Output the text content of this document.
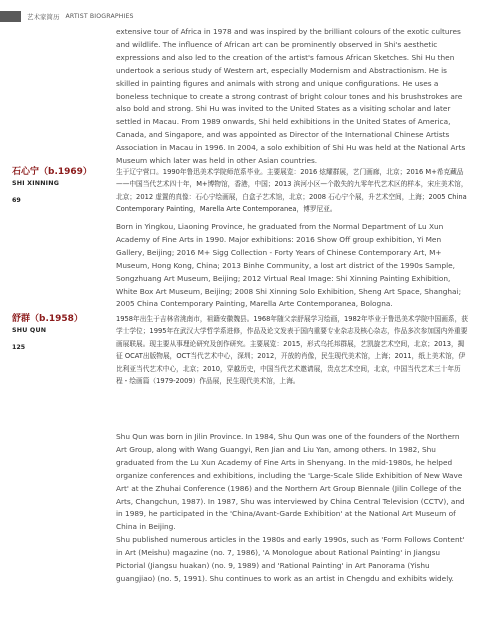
艺术家简历 ARTIST BIOGRAPHIES

extensive tour of Africa in 1978 and was inspired by the brilliant colours of the exotic cultures and wildlife. The influence of African art can be prominently observed in Shi's aesthetic expressions and also led to the creation of the artist's famous African Sketches. Shi Hu then undertook a serious study of Western art, especially Modernism and Abstractionism. He is skilled in painting figures and animals with strong and unique configurations. He uses a boneless technique to create a strong contrast of bright colour tones and his brushstrokes are also bold and strong. Shi Hu was invited to the United States as a visiting scholar and later settled in Macau. From 1989 onwards, Shi held exhibitions in the United States of America, Canada, and Singapore, and was appointed as Director of the International Chinese Artists Association in Macau in 1996. In 2004, a solo exhibition of Shi Hu was held at the National Arts Museum which later was held in other Asian countries.

石心宁（b.1969）
SHI XINNING
69

生于辽宁营口。1990年鲁迅美术学院师范系毕业。主要展览：2016 炫耀群展，艺门画廊，北京；2016 M+希克藏品——中国当代艺术四十年，M+博物馆，香港，中国；2013 滨河小区—个散失的九零年代艺术区的样本，宋庄美术馆，北京；2012 虚置的真像：石心宁绘画展，白盒子艺术馆，北京；2008 石心宁个展，升艺术空间，上海；2005 China Contemporary Painting，Marella Arte Contemporanea，博罗尼亚。

Born in Yingkou, Liaoning Province, he graduated from the Normal Department of Lu Xun Academy of Fine Arts in 1990. Major exhibitions: 2016 Show Off group exhibition, Yi Men Gallery, Beijing; 2016 M+ Sigg Collection - Forty Years of Chinese Contemporary Art, M+ Museum, Hong Kong, China; 2013 Binhe Community, a lost art district of the 1990s Sample, Songzhuang Art Museum, Beijing; 2012 Virtual Real Image: Shi Xinning Painting Exhibition, White Box Art Museum, Beijing; 2008 Shi Xinning Solo Exhibition, Sheng Art Space, Shanghai; 2005 China Contemporary Painting, Marella Arte Contemporanea, Bologna.

舒群（b.1958）
SHU QUN
125

1958年出生于吉林省洮南市，祖籍安徽魏县。1968年随父亲舒展学习绘画，1982年毕业于鲁迅美术学院中国画系，获学士学位；1995年在武汉大学哲学系进修，作品及论文发表于国内重要专业杂志及核心杂志，作品多次参加国内外重要画展联展。现主要从事理论研究及创作研究。主要展览：2015，形式乌托邦群展，艺凯旋艺术空间，北京；2013，揭征 OCAT出版物展，OCT当代艺术中心，深圳；2012，开放的肖像，民生现代美术馆，上海；2011，纸上美术馆，伊比利亚当代艺术中心，北京；2010，穿越历史，中国当代艺术邀请展，贵点艺术空间，北京，中国当代艺术三十年历程・绘画篇（1979-2009）作品展，民生现代美术馆，上海。

Shu Qun was born in Jilin Province. In 1984, Shu Qun was one of the founders of the Northern Art Group, along with Wang Guangyi, Ren Jian and Liu Yan, among others. In 1982, Shu graduated from the Lu Xun Academy of Fine Arts in Shenyang. In the mid-1980s, he helped organize conferences and exhibitions, including the 'Large-Scale Slide Exhibition of New Wave Art' at the Zhuhai Conference (1986) and the Northern Art Group Biennale (Jilin College of the Arts, Changchun, 1987). In 1987, Shu was interviewed by China Central Television (CCTV), and in 1989, he participated in the 'China/Avant-Garde Exhibition' at the National Art Museum of China in Beijing.

Shu published numerous articles in the 1980s and early 1990s, such as 'Form Follows Content' in Art (Meishu) magazine (no. 7, 1986), 'A Monologue about Rational Painting' in Jiangsu Pictorial (Jiangsu huakan) (no. 9, 1989) and 'Rational Painting' in Art Panorama (Yishu guangjiao) (no. 5, 1991). Shu continues to work as an artist in Chengdu and exhibits widely.
